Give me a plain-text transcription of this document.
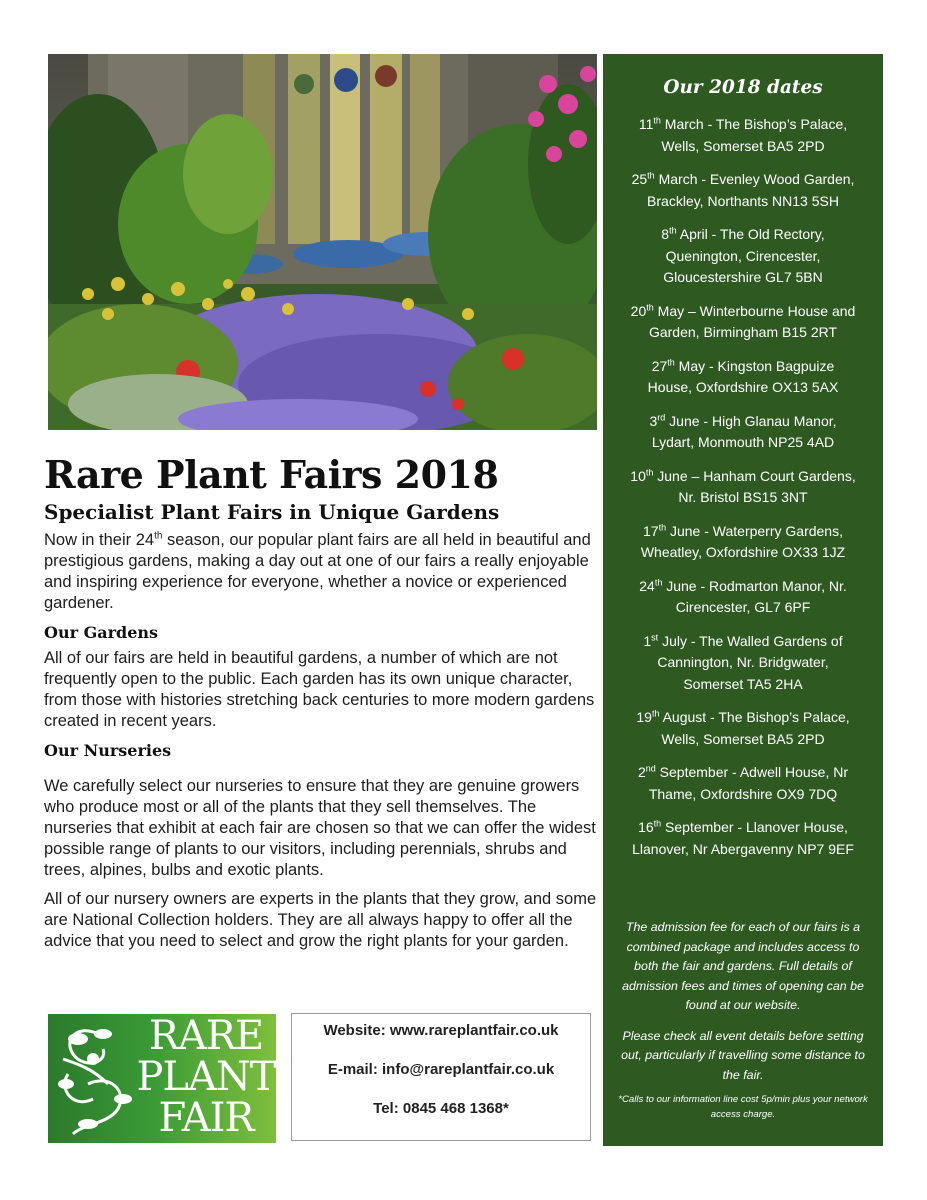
Rare Plant Fairs 2018
Specialist Plant Fairs in Unique Gardens

Now in their 24th season, our popular plant fairs are all held in beautiful and prestigious gardens, making a day out at one of our fairs a really enjoyable and inspiring experience for everyone, whether a novice or experienced gardener.

Our Gardens

All of our fairs are held in beautiful gardens, a number of which are not frequently open to the public. Each garden has its own unique character, from those with histories stretching back centuries to more modern gardens created in recent years.

Our Nurseries

We carefully select our nurseries to ensure that they are genuine growers who produce most or all of the plants that they sell themselves. The nurseries that exhibit at each fair are chosen so that we can offer the widest possible range of plants to our visitors, including perennials, shrubs and trees, alpines, bulbs and exotic plants.

All of our nursery owners are experts in the plants that they grow, and some are National Collection holders. They are all always happy to offer all the advice that you need to select and grow the right plants for your garden.

RARE
PLANT
FAIR
Website: www.rareplantfair.co.uk
E-mail: info@rareplantfair.co.uk
Tel: 0845 468 1368*
Our 2018 dates
11th March - The Bishop’s Palace,
Wells, Somerset BA5 2PD
25th March - Evenley Wood Garden,
Brackley, Northants NN13 5SH
8th April - The Old Rectory,
Quenington, Cirencester,
Gloucestershire GL7 5BN
20th May – Winterbourne House and
Garden, Birmingham B15 2RT
27th May - Kingston Bagpuize
House, Oxfordshire OX13 5AX
3rd June - High Glanau Manor,
Lydart, Monmouth NP25 4AD
10th June – Hanham Court Gardens,
Nr. Bristol BS15 3NT
17th June - Waterperry Gardens,
Wheatley, Oxfordshire OX33 1JZ
24th June - Rodmarton Manor, Nr.
Cirencester, GL7 6PF
1st July - The Walled Gardens of
Cannington, Nr. Bridgwater,
Somerset TA5 2HA
19th August - The Bishop’s Palace,
Wells, Somerset BA5 2PD
2nd September - Adwell House, Nr
Thame, Oxfordshire OX9 7DQ
16th September - Llanover House,
Llanover, Nr Abergavenny NP7 9EF
The admission fee for each of our fairs is a combined package and includes access to both the fair and gardens. Full details of admission fees and times of opening can be found at our website.
Please check all event details before setting out, particularly if travelling some distance to the fair.
*Calls to our information line cost 5p/min plus your network access charge.
